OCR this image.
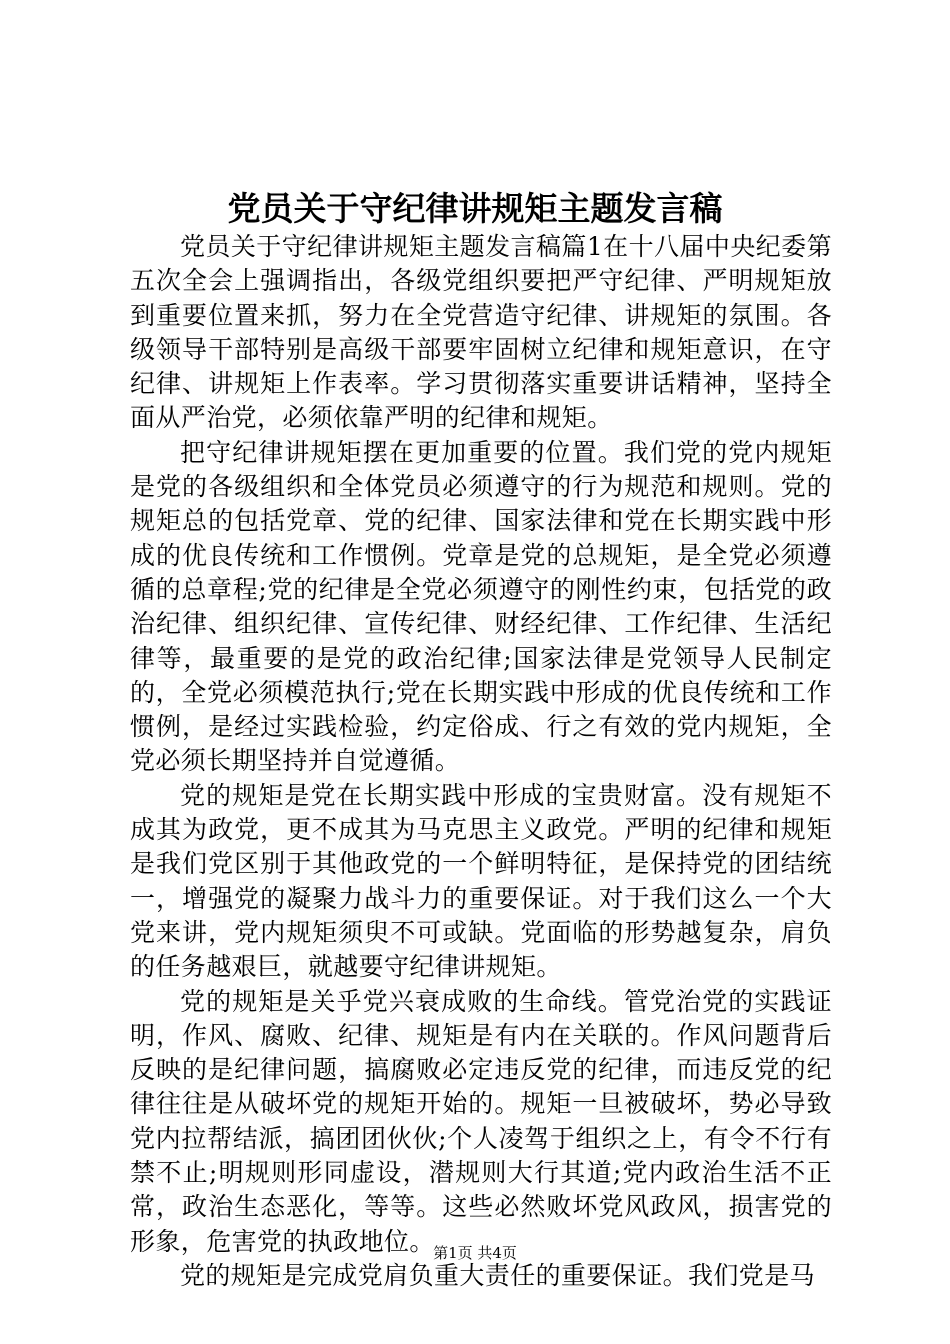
党员关于守纪律讲规矩主题发言稿

党员关于守纪律讲规矩主题发言稿篇1在十八届中央纪委第五次全会上强调指出，各级党组织要把严守纪律、严明规矩放到重要位置来抓，努力在全党营造守纪律、讲规矩的氛围。各级领导干部特别是高级干部要牢固树立纪律和规矩意识，在守纪律、讲规矩上作表率。学习贯彻落实重要讲话精神，坚持全面从严治党，必须依靠严明的纪律和规矩。

把守纪律讲规矩摆在更加重要的位置。我们党的党内规矩是党的各级组织和全体党员必须遵守的行为规范和规则。党的规矩总的包括党章、党的纪律、国家法律和党在长期实践中形成的优良传统和工作惯例。党章是党的总规矩，是全党必须遵循的总章程;党的纪律是全党必须遵守的刚性约束，包括党的政治纪律、组织纪律、宣传纪律、财经纪律、工作纪律、生活纪律等，最重要的是党的政治纪律;国家法律是党领导人民制定的，全党必须模范执行;党在长期实践中形成的优良传统和工作惯例，是经过实践检验，约定俗成、行之有效的党内规矩，全党必须长期坚持并自觉遵循。

党的规矩是党在长期实践中形成的宝贵财富。没有规矩不成其为政党，更不成其为马克思主义政党。严明的纪律和规矩是我们党区别于其他政党的一个鲜明特征，是保持党的团结统一，增强党的凝聚力战斗力的重要保证。对于我们这么一个大党来讲，党内规矩须臾不可或缺。党面临的形势越复杂，肩负的任务越艰巨，就越要守纪律讲规矩。

党的规矩是关乎党兴衰成败的生命线。管党治党的实践证明，作风、腐败、纪律、规矩是有内在关联的。作风问题背后反映的是纪律问题，搞腐败必定违反党的纪律，而违反党的纪律往往是从破坏党的规矩开始的。规矩一旦被破坏，势必导致党内拉帮结派，搞团团伙伙;个人凌驾于组织之上，有令不行有禁不止;明规则形同虚设，潜规则大行其道;党内政治生活不正常，政治生态恶化，等等。这些必然败坏党风政风，损害党的形象，危害党的执政地位。

党的规矩是完成党肩负重大责任的重要保证。我们党是马

第1页 共4页
